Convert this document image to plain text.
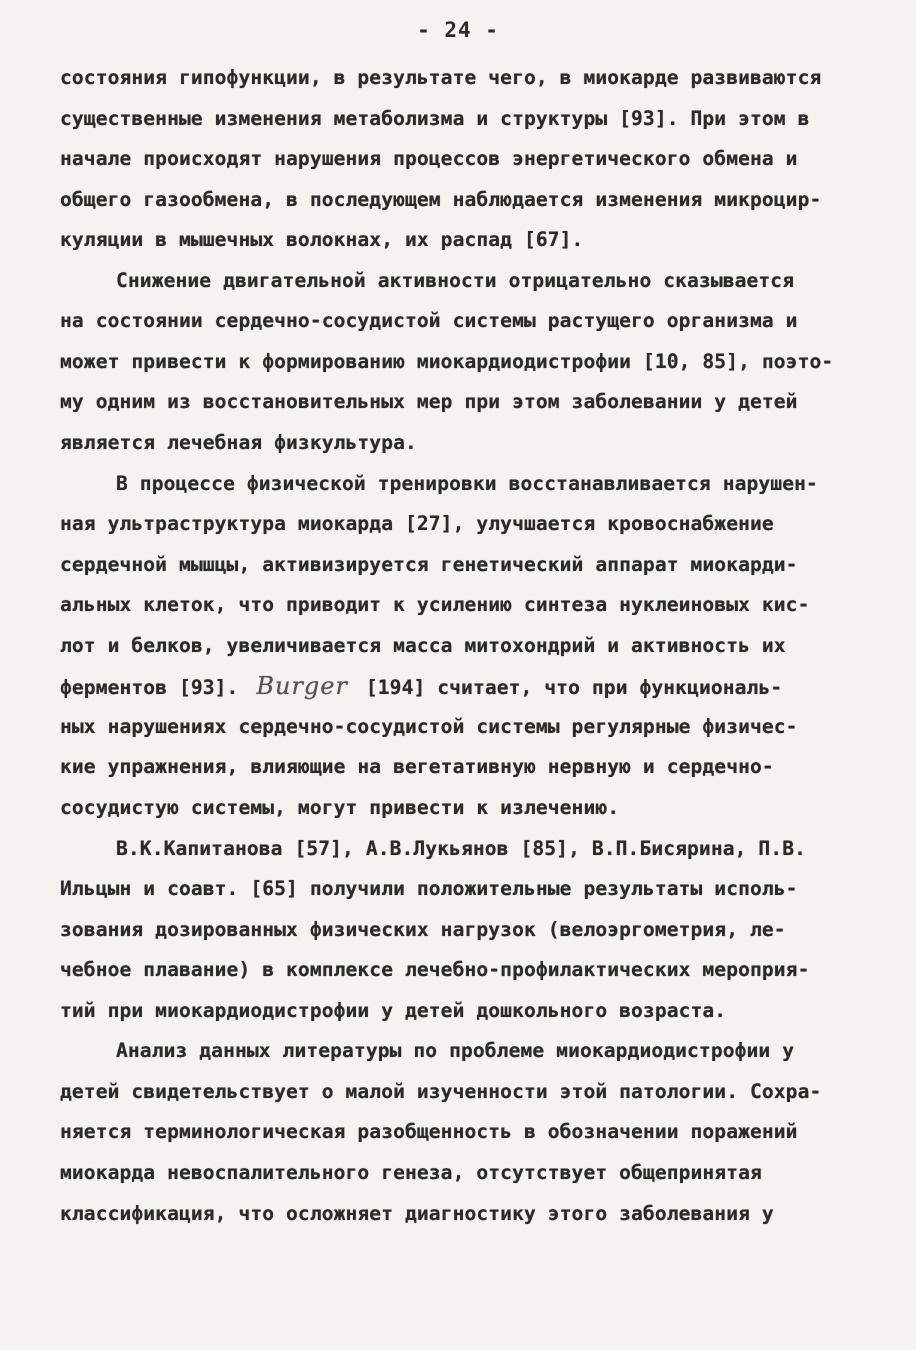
- 24 -
состояния гипофункции, в результате чего, в миокарде развиваются
существенные изменения метаболизма и структуры [93]. При этом в
начале происходят нарушения процессов энергетического обмена и
общего газообмена, в последующем наблюдается изменения микроцир-
куляции в мышечных волокнах, их распад [67].
Снижение двигательной активности отрицательно сказывается
на состоянии сердечно-сосудистой системы растущего организма и
может привести к формированию миокардиодистрофии [10, 85], поэто-
му одним из восстановительных мер при этом заболевании у детей
является лечебная физкультура.
В процессе физической тренировки восстанавливается нарушен-
ная ультраструктура миокарда [27], улучшается кровоснабжение
сердечной мышцы, активизируется генетический аппарат миокарди-
альных клеток, что приводит к усилению синтеза нуклеиновых кис-
лот и белков, увеличивается масса митохондрий и активность их
ферментов [93]. Burger [194] считает, что при функциональ-
ных нарушениях сердечно-сосудистой системы регулярные физичес-
кие упражнения, влияющие на вегетативную нервную и сердечно-
сосудистую системы, могут привести к излечению.
В.К.Капитанова [57], А.В.Лукьянов [85], В.П.Бисярина, П.В.
Ильцын и соавт. [65] получили положительные результаты исполь-
зования дозированных физических нагрузок (велоэргометрия, ле-
чебное плавание) в комплексе лечебно-профилактических мероприя-
тий при миокардиодистрофии у детей дошкольного возраста.
Анализ данных литературы по проблеме миокардиодистрофии у
детей свидетельствует о малой изученности этой патологии. Сохра-
няется терминологическая разобщенность в обозначении поражений
миокарда невоспалительного генеза, отсутствует общепринятая
классификация, что осложняет диагностику этого заболевания у
